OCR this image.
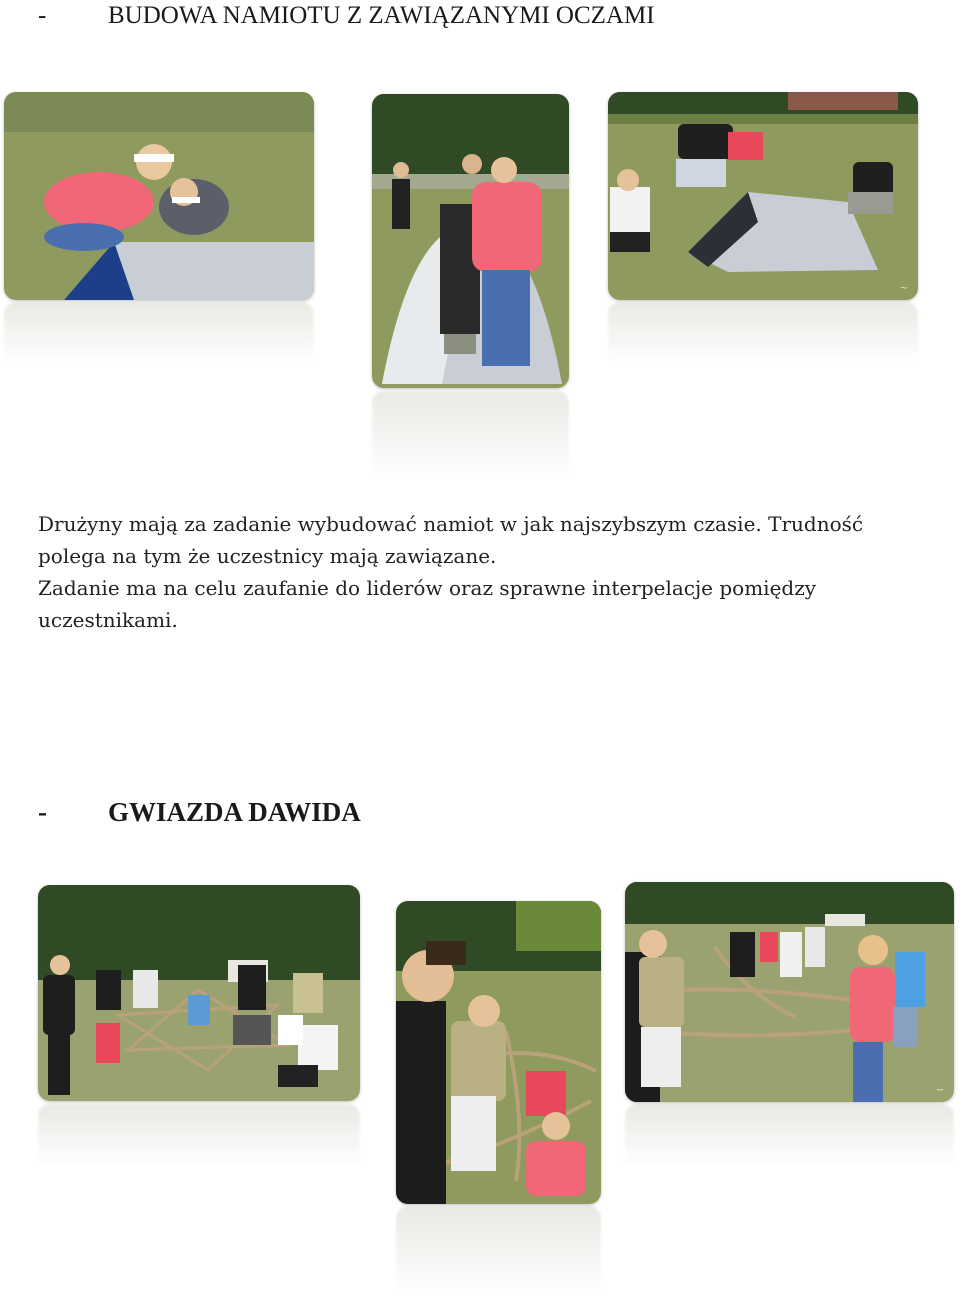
- BUDOWA NAMIOTU Z ZAWIĄZANYMI OCZAMI
~

Drużyny mają za zadanie wybudować namiot w jak najszybszym czasie. Trudność

polega na tym że uczestnicy mają zawiązane.

Zadanie ma na celu zaufanie do liderów oraz sprawne interpelacje pomiędzy

uczestnikami.

- GWIAZDA DAWIDA
~
